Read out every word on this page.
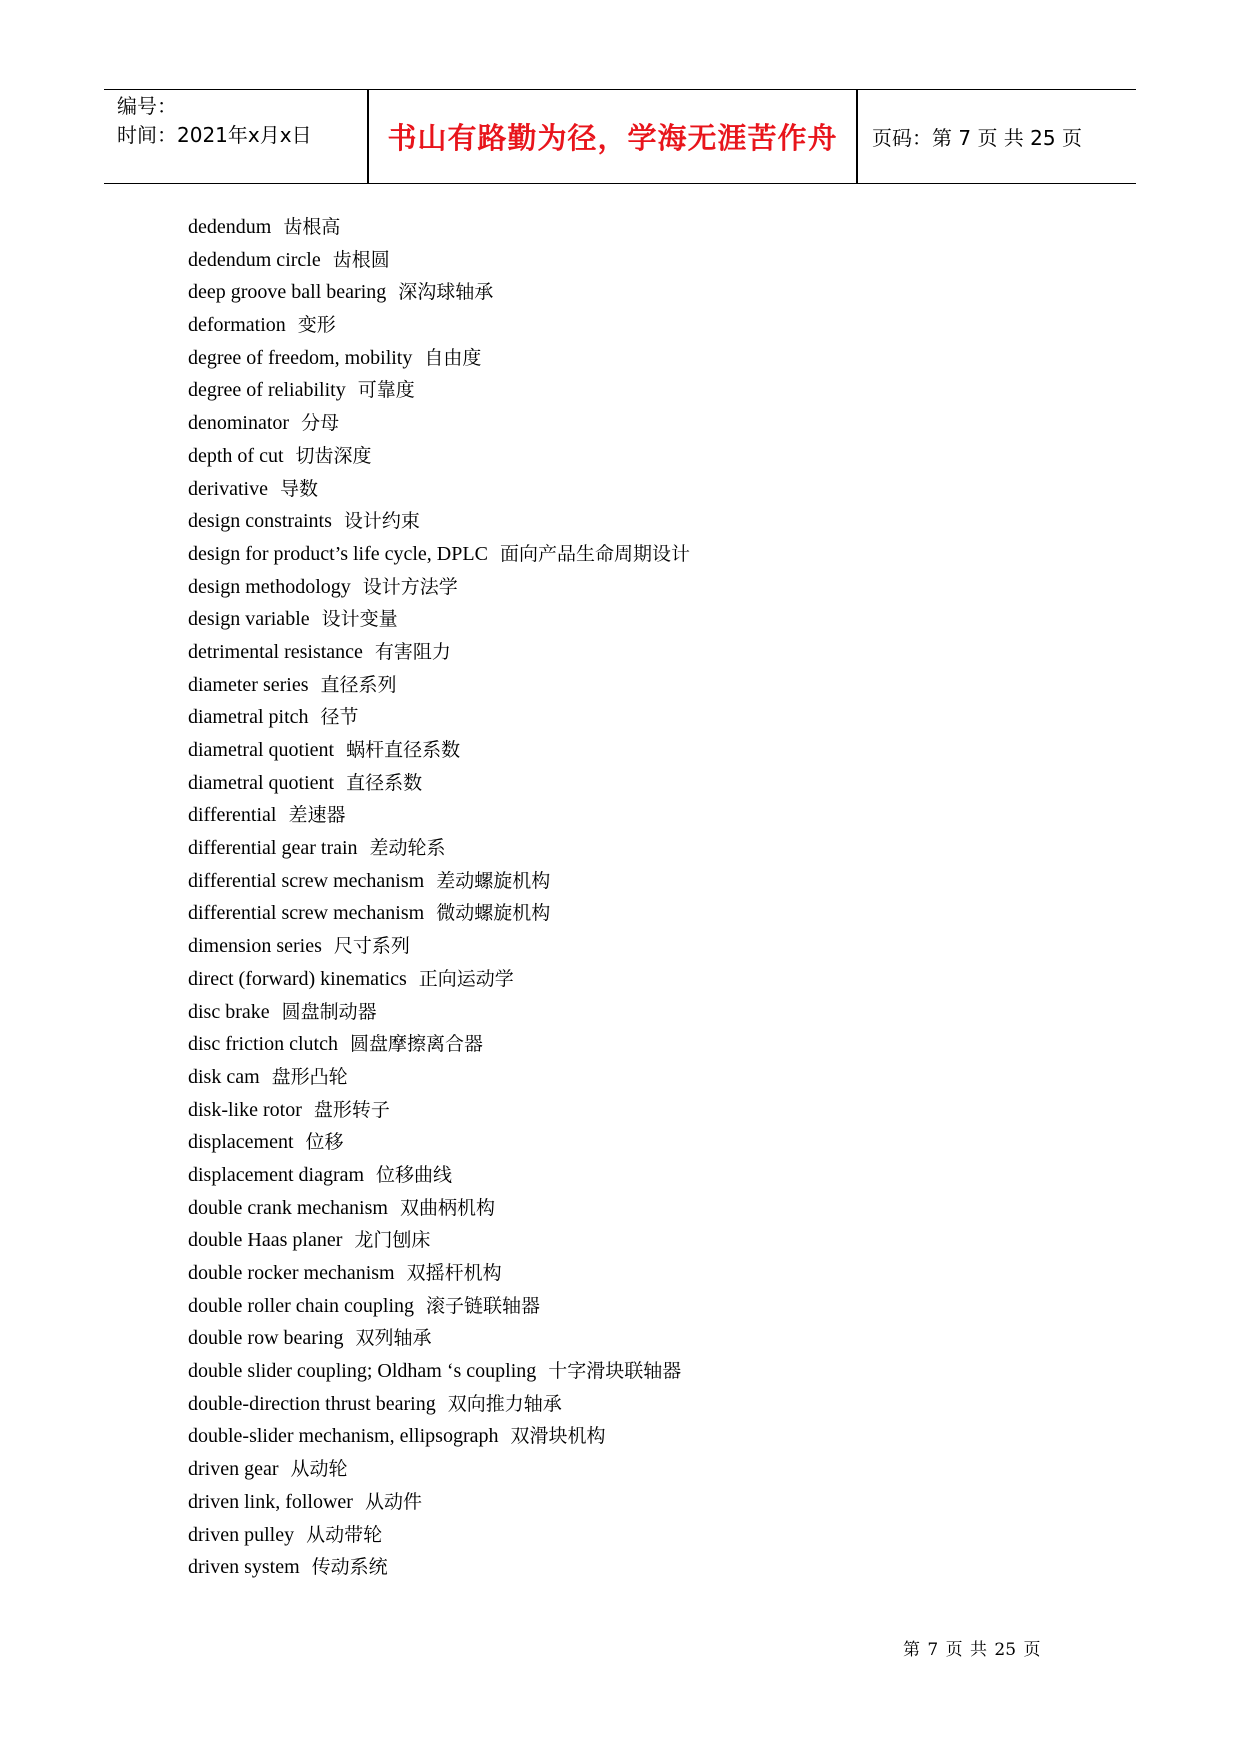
编号：
时间：2021年x月x日	书山有路勤为径，学海无涯苦作舟	页码：第 7 页 共 25 页
dedendum 齿根高
dedendum circle 齿根圆
deep groove ball bearing 深沟球轴承
deformation 变形
degree of freedom, mobility 自由度
degree of reliability 可靠度
denominator 分母
depth of cut 切齿深度
derivative 导数
design constraints 设计约束
design for product’s life cycle, DPLC 面向产品生命周期设计
design methodology 设计方法学
design variable 设计变量
detrimental resistance 有害阻力
diameter series 直径系列
diametral pitch 径节
diametral quotient 蜗杆直径系数
diametral quotient 直径系数
differential 差速器
differential gear train 差动轮系
differential screw mechanism 差动螺旋机构
differential screw mechanism 微动螺旋机构
dimension series 尺寸系列
direct (forward) kinematics 正向运动学
disc brake 圆盘制动器
disc friction clutch 圆盘摩擦离合器
disk cam 盘形凸轮
disk-like rotor 盘形转子
displacement 位移
displacement diagram 位移曲线
double crank mechanism 双曲柄机构
double Haas planer 龙门刨床
double rocker mechanism 双摇杆机构
double roller chain coupling 滚子链联轴器
double row bearing 双列轴承
double slider coupling; Oldham ‘s coupling 十字滑块联轴器
double-direction thrust bearing 双向推力轴承
double-slider mechanism, ellipsograph 双滑块机构
driven gear 从动轮
driven link, follower 从动件
driven pulley 从动带轮
driven system 传动系统
第 7 页 共 25 页
